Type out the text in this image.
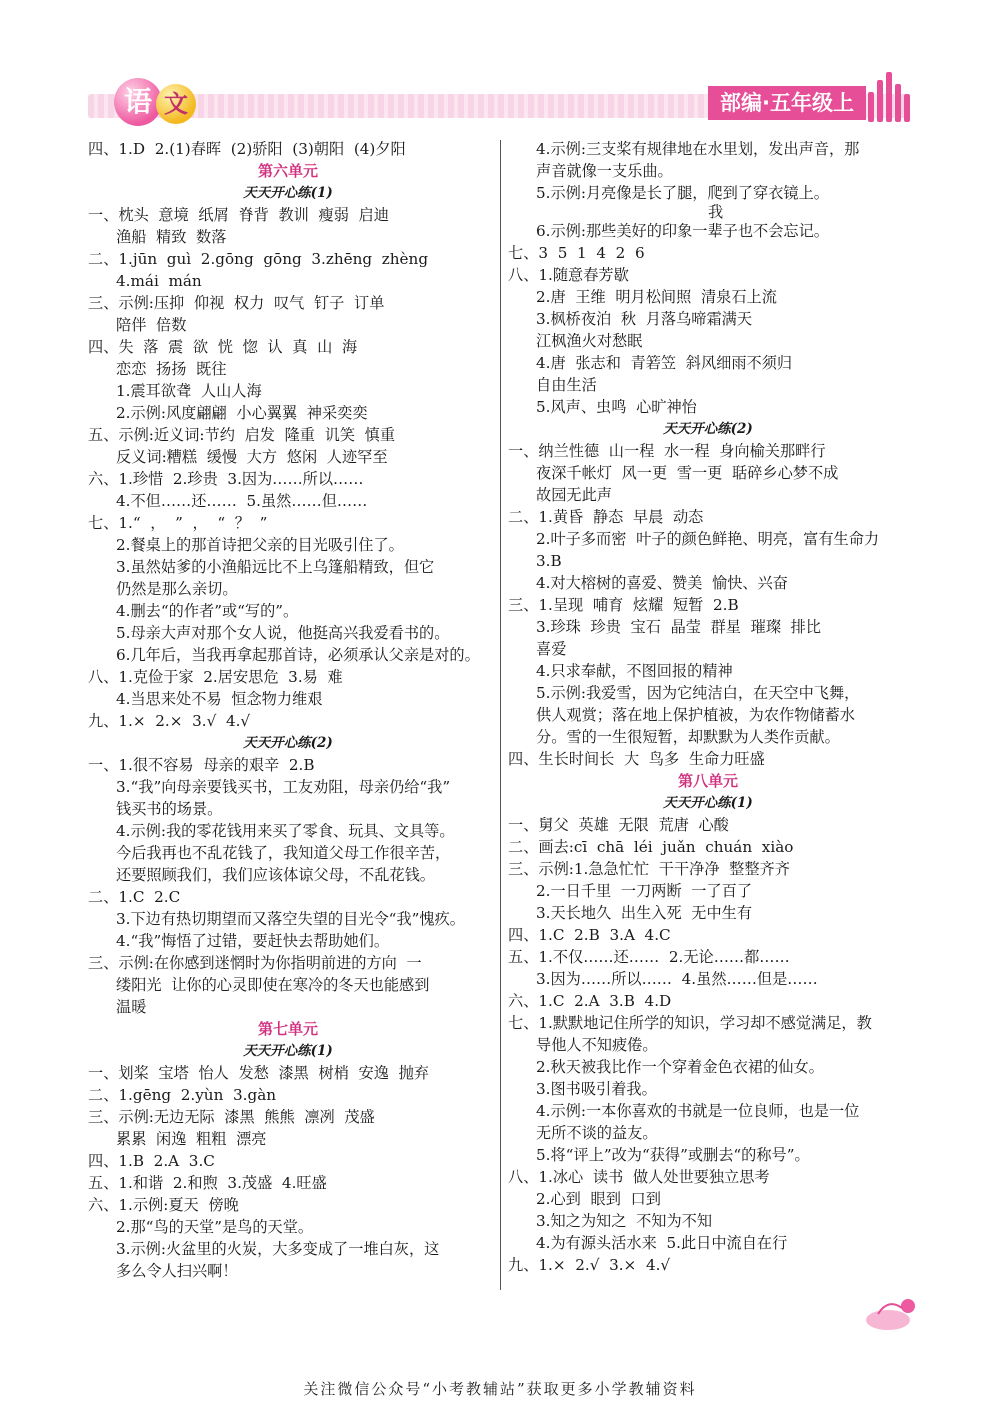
语 文	部编·五年级上
四、1.D  2.(1)春晖  (2)骄阳  (3)朝阳  (4)夕阳
第六单元
天天开心练(1)
一、枕头  意境  纸屑  脊背  教训  瘦弱  启迪
渔船  精致  数落
二、1.jūn  guì  2.gōng  gōng  3.zhēng  zhèng
4.mái  mán
三、示例:压抑  仰视  权力  叹气  钉子  订单
陪伴  倍数
四、失  落  震  欲  恍  惚  认  真  山  海
恋恋  扬扬  既往
1.震耳欲聋  人山人海
2.示例:风度翩翩  小心翼翼  神采奕奕
五、示例:近义词:节约  启发  隆重  讥笑  慎重
反义词:糟糕  缓慢  大方  悠闲  人迹罕至
六、1.珍惜  2.珍贵  3.因为……所以……
4.不但……还……  5.虽然……但……
七、1.“  ，  ”  ，  “  ？  ”
2.餐桌上的那首诗把父亲的目光吸引住了。
3.虽然姑爹的小渔船远比不上乌篷船精致，但它
仍然是那么亲切。
4.删去“的作者”或“写的”。
5.母亲大声对那个女人说，他挺高兴我爱看书的。
6.几年后，当我再拿起那首诗，必须承认父亲是对的。
八、1.克俭于家  2.居安思危  3.易  难
4.当思来处不易  恒念物力维艰
九、1.×  2.×  3.√  4.√
天天开心练(2)
一、1.很不容易  母亲的艰辛  2.B
3.“我”向母亲要钱买书，工友劝阻，母亲仍给“我”
钱买书的场景。
4.示例:我的零花钱用来买了零食、玩具、文具等。
今后我再也不乱花钱了，我知道父母工作很辛苦，
还要照顾我们，我们应该体谅父母，不乱花钱。
二、1.C  2.C
3.下边有热切期望而又落空失望的目光令“我”愧疚。
4.“我”悔悟了过错，要赶快去帮助她们。
三、示例:在你感到迷惘时为你指明前进的方向  一
缕阳光  让你的心灵即使在寒冷的冬天也能感到
温暖
第七单元
天天开心练(1)
一、划桨  宝塔  怡人  发愁  漆黑  树梢  安逸  抛弃
二、1.gēng  2.yùn  3.gàn
三、示例:无边无际  漆黑  熊熊  凛冽  茂盛
累累  闲逸  粗粗  漂亮
四、1.B  2.A  3.C
五、1.和谐  2.和煦  3.茂盛  4.旺盛
六、1.示例:夏天  傍晚
2.那“鸟的天堂”是鸟的天堂。
3.示例:火盆里的火炭，大多变成了一堆白灰，这
多么令人扫兴啊！
4.示例:三支桨有规律地在水里划，发出声音，那
声音就像一支乐曲。
5.示例:月亮像是长了腿，爬到了穿衣镜上。
我
6.示例:那些美好的印象一辈子也不会忘记。
七、3  5  1  4  2  6
八、1.随意春芳歇
2.唐  王维  明月松间照  清泉石上流
3.枫桥夜泊  秋  月落乌啼霜满天
江枫渔火对愁眠
4.唐  张志和  青箬笠  斜风细雨不须归
自由生活
5.风声、虫鸣  心旷神怡
天天开心练(2)
一、纳兰性德  山一程  水一程  身向榆关那畔行
夜深千帐灯  风一更  雪一更  聒碎乡心梦不成
故园无此声
二、1.黄昏  静态  早晨  动态
2.叶子多而密  叶子的颜色鲜艳、明亮，富有生命力
3.B
4.对大榕树的喜爱、赞美  愉快、兴奋
三、1.呈现  哺育  炫耀  短暂  2.B
3.珍珠  珍贵  宝石  晶莹  群星  璀璨  排比
喜爱
4.只求奉献，不图回报的精神
5.示例:我爱雪，因为它纯洁白，在天空中飞舞，
供人观赏；落在地上保护植被，为农作物储蓄水
分。雪的一生很短暂，却默默为人类作贡献。
四、生长时间长  大  鸟多  生命力旺盛
第八单元
天天开心练(1)
一、舅父  英雄  无限  荒唐  心酸
二、画去:cī  chā  léi  juǎn  chuán  xiào
三、示例:1.急急忙忙  干干净净  整整齐齐
2.一日千里  一刀两断  一了百了
3.天长地久  出生入死  无中生有
四、1.C  2.B  3.A  4.C
五、1.不仅……还……  2.无论……都……
3.因为……所以……  4.虽然……但是……
六、1.C  2.A  3.B  4.D
七、1.默默地记住所学的知识，学习却不感觉满足，教
导他人不知疲倦。
2.秋天被我比作一个穿着金色衣裙的仙女。
3.图书吸引着我。
4.示例:一本你喜欢的书就是一位良师，也是一位
无所不谈的益友。
5.将“评上”改为“获得”或删去“的称号”。
八、1.冰心  读书  做人处世要独立思考
2.心到  眼到  口到
3.知之为知之  不知为不知
4.为有源头活水来  5.此日中流自在行
九、1.×  2.√  3.×  4.√
关注微信公众号“小考教辅站”获取更多小学教辅资料
